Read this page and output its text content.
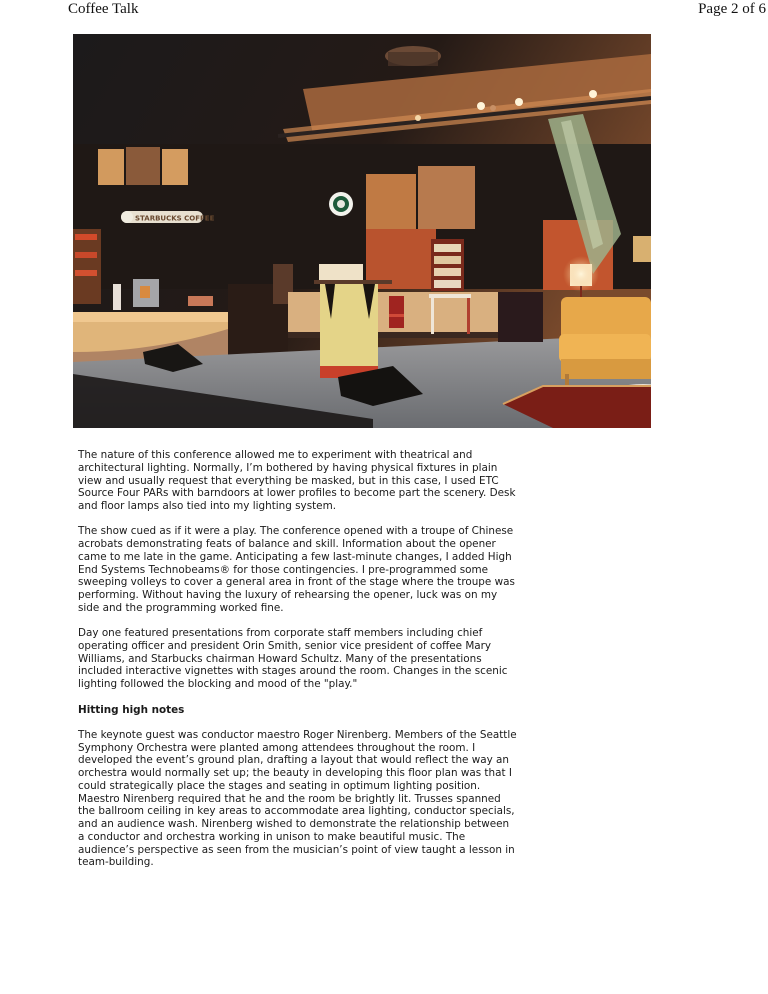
Coffee Talk	Page 2 of 6
STARBUCKS COFFEE

The nature of this conference allowed me to experiment with theatrical and architectural lighting. Normally, I’m bothered by having physical fixtures in plain view and usually request that everything be masked, but in this case, I used ETC Source Four PARs with barndoors at lower profiles to become part the scenery. Desk and floor lamps also tied into my lighting system.

The show cued as if it were a play. The conference opened with a troupe of Chinese acrobats demonstrating feats of balance and skill. Information about the opener came to me late in the game. Anticipating a few last-minute changes, I added High End Systems Technobeams® for those contingencies. I pre-programmed some sweeping volleys to cover a general area in front of the stage where the troupe was performing. Without having the luxury of rehearsing the opener, luck was on my side and the programming worked fine.

Day one featured presentations from corporate staff members including chief operating officer and president Orin Smith, senior vice president of coffee Mary Williams, and Starbucks chairman Howard Schultz. Many of the presentations included interactive vignettes with stages around the room. Changes in the scenic lighting followed the blocking and mood of the "play."

Hitting high notes

The keynote guest was conductor maestro Roger Nirenberg. Members of the Seattle Symphony Orchestra were planted among attendees throughout the room. I developed the event’s ground plan, drafting a layout that would reflect the way an orchestra would normally set up; the beauty in developing this floor plan was that I could strategically place the stages and seating in optimum lighting position. Maestro Nirenberg required that he and the room be brightly lit. Trusses spanned the ballroom ceiling in key areas to accommodate area lighting, conductor specials, and an audience wash. Nirenberg wished to demonstrate the relationship between a conductor and orchestra working in unison to make beautiful music. The audience’s perspective as seen from the musician’s point of view taught a lesson in team-building.
